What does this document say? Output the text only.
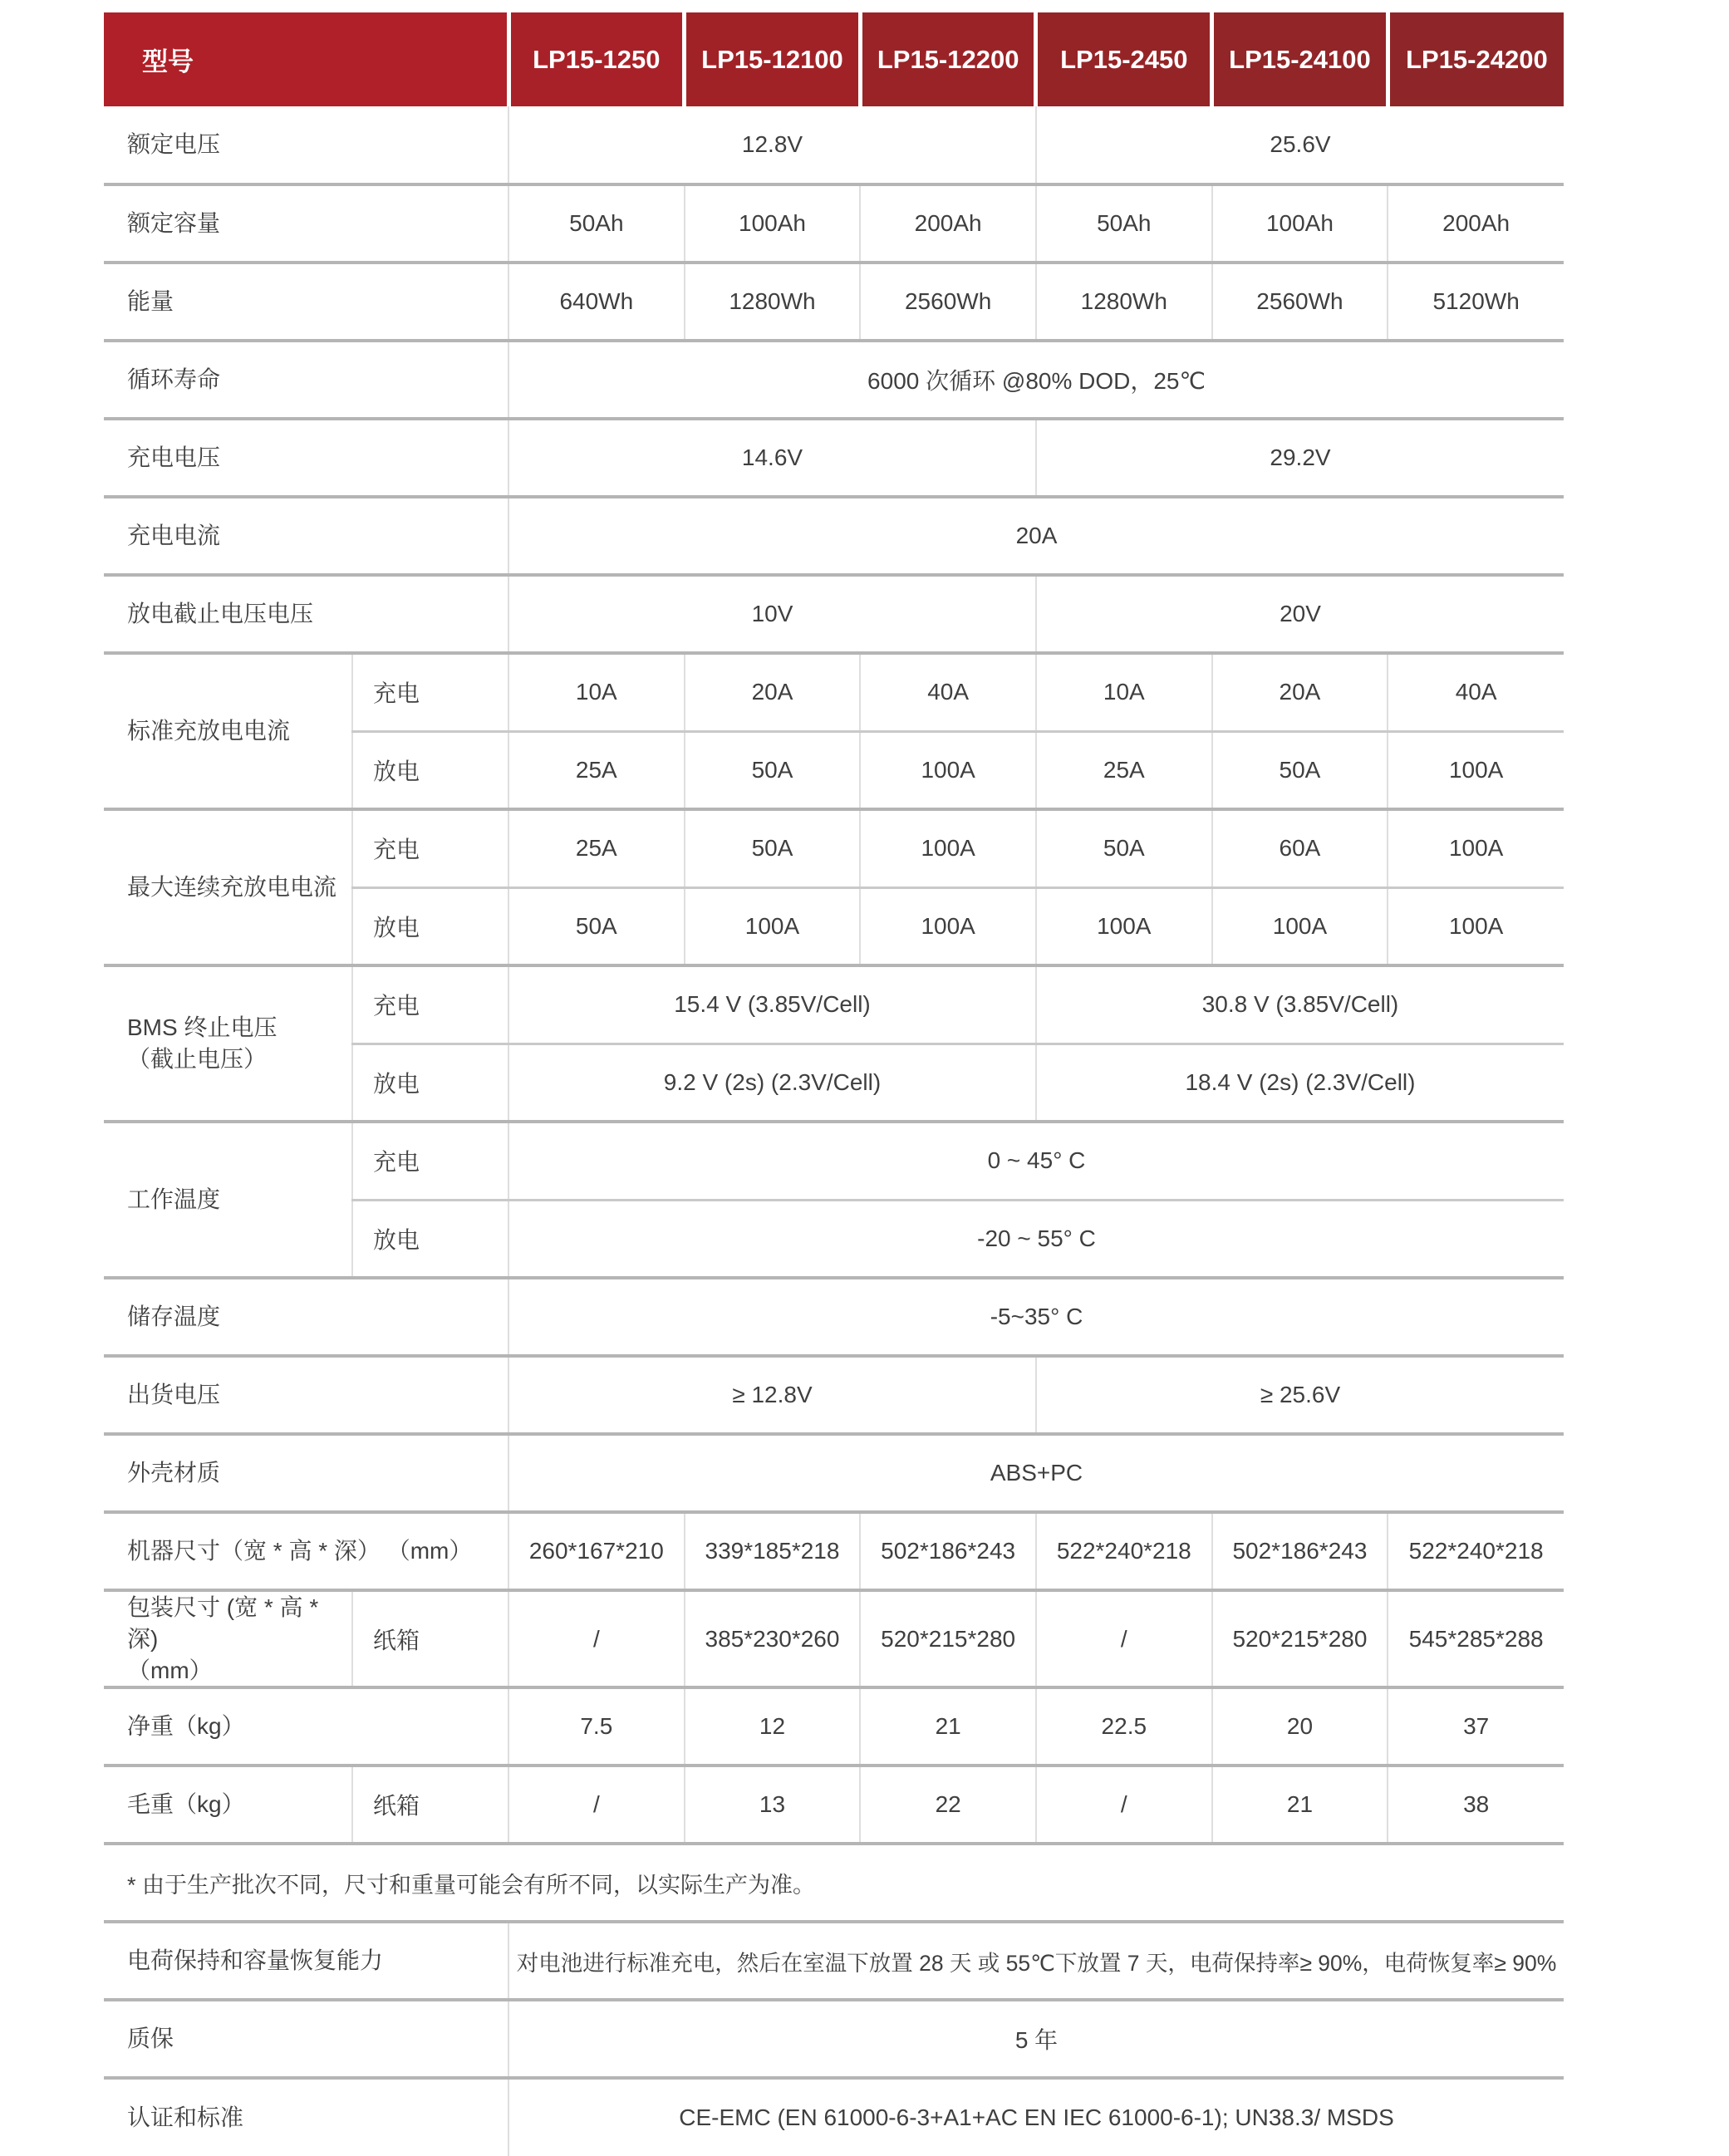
型号		LP15-1250	LP15-12100	LP15-12200	LP15-2450	LP15-24100	LP15-24200
额定电压		12.8V			25.6V		
额定容量		50Ah	100Ah	200Ah	50Ah	100Ah	200Ah
能量		640Wh	1280Wh	2560Wh	1280Wh	2560Wh	5120Wh
循环寿命		6000 次循环 @80% DOD，25℃					
充电电压		14.6V			29.2V		
充电电流		20A					
放电截止电压电压		10V			20V		
标准充放电电流	充电	10A	20A	40A	10A	20A	40A
	放电	25A	50A	100A	25A	50A	100A
最大连续充放电电流	充电	25A	50A	100A	50A	60A	100A
	放电	50A	100A	100A	100A	100A	100A
BMS 终止电压
（截止电压）	充电	15.4 V (3.85V/Cell)			30.8 V (3.85V/Cell)		
	放电	9.2 V (2s) (2.3V/Cell)			18.4 V (2s) (2.3V/Cell)		
工作温度	充电	0 ~ 45° C					
	放电	-20 ~ 55° C					
储存温度		-5~35° C					
出货电压		≥ 12.8V			≥ 25.6V		
外壳材质		ABS+PC					
机器尺寸（宽 * 高 * 深） （mm）		260*167*210	339*185*218	502*186*243	522*240*218	502*186*243	522*240*218
包装尺寸 (宽 * 高 * 深)
（mm）	纸箱	/	385*230*260	520*215*280	/	520*215*280	545*285*288
净重（kg）		7.5	12	21	22.5	20	37
毛重（kg）	纸箱	/	13	22	/	21	38
* 由于生产批次不同，尺寸和重量可能会有所不同，以实际生产为准。							
电荷保持和容量恢复能力		对电池进行标准充电，然后在室温下放置 28 天 或 55℃下放置 7 天，电荷保持率≥ 90%，电荷恢复率≥ 90%					
质保		5 年					
认证和标准		CE-EMC (EN 61000-6-3+A1+AC EN IEC 61000-6-1); UN38.3/ MSDS					
